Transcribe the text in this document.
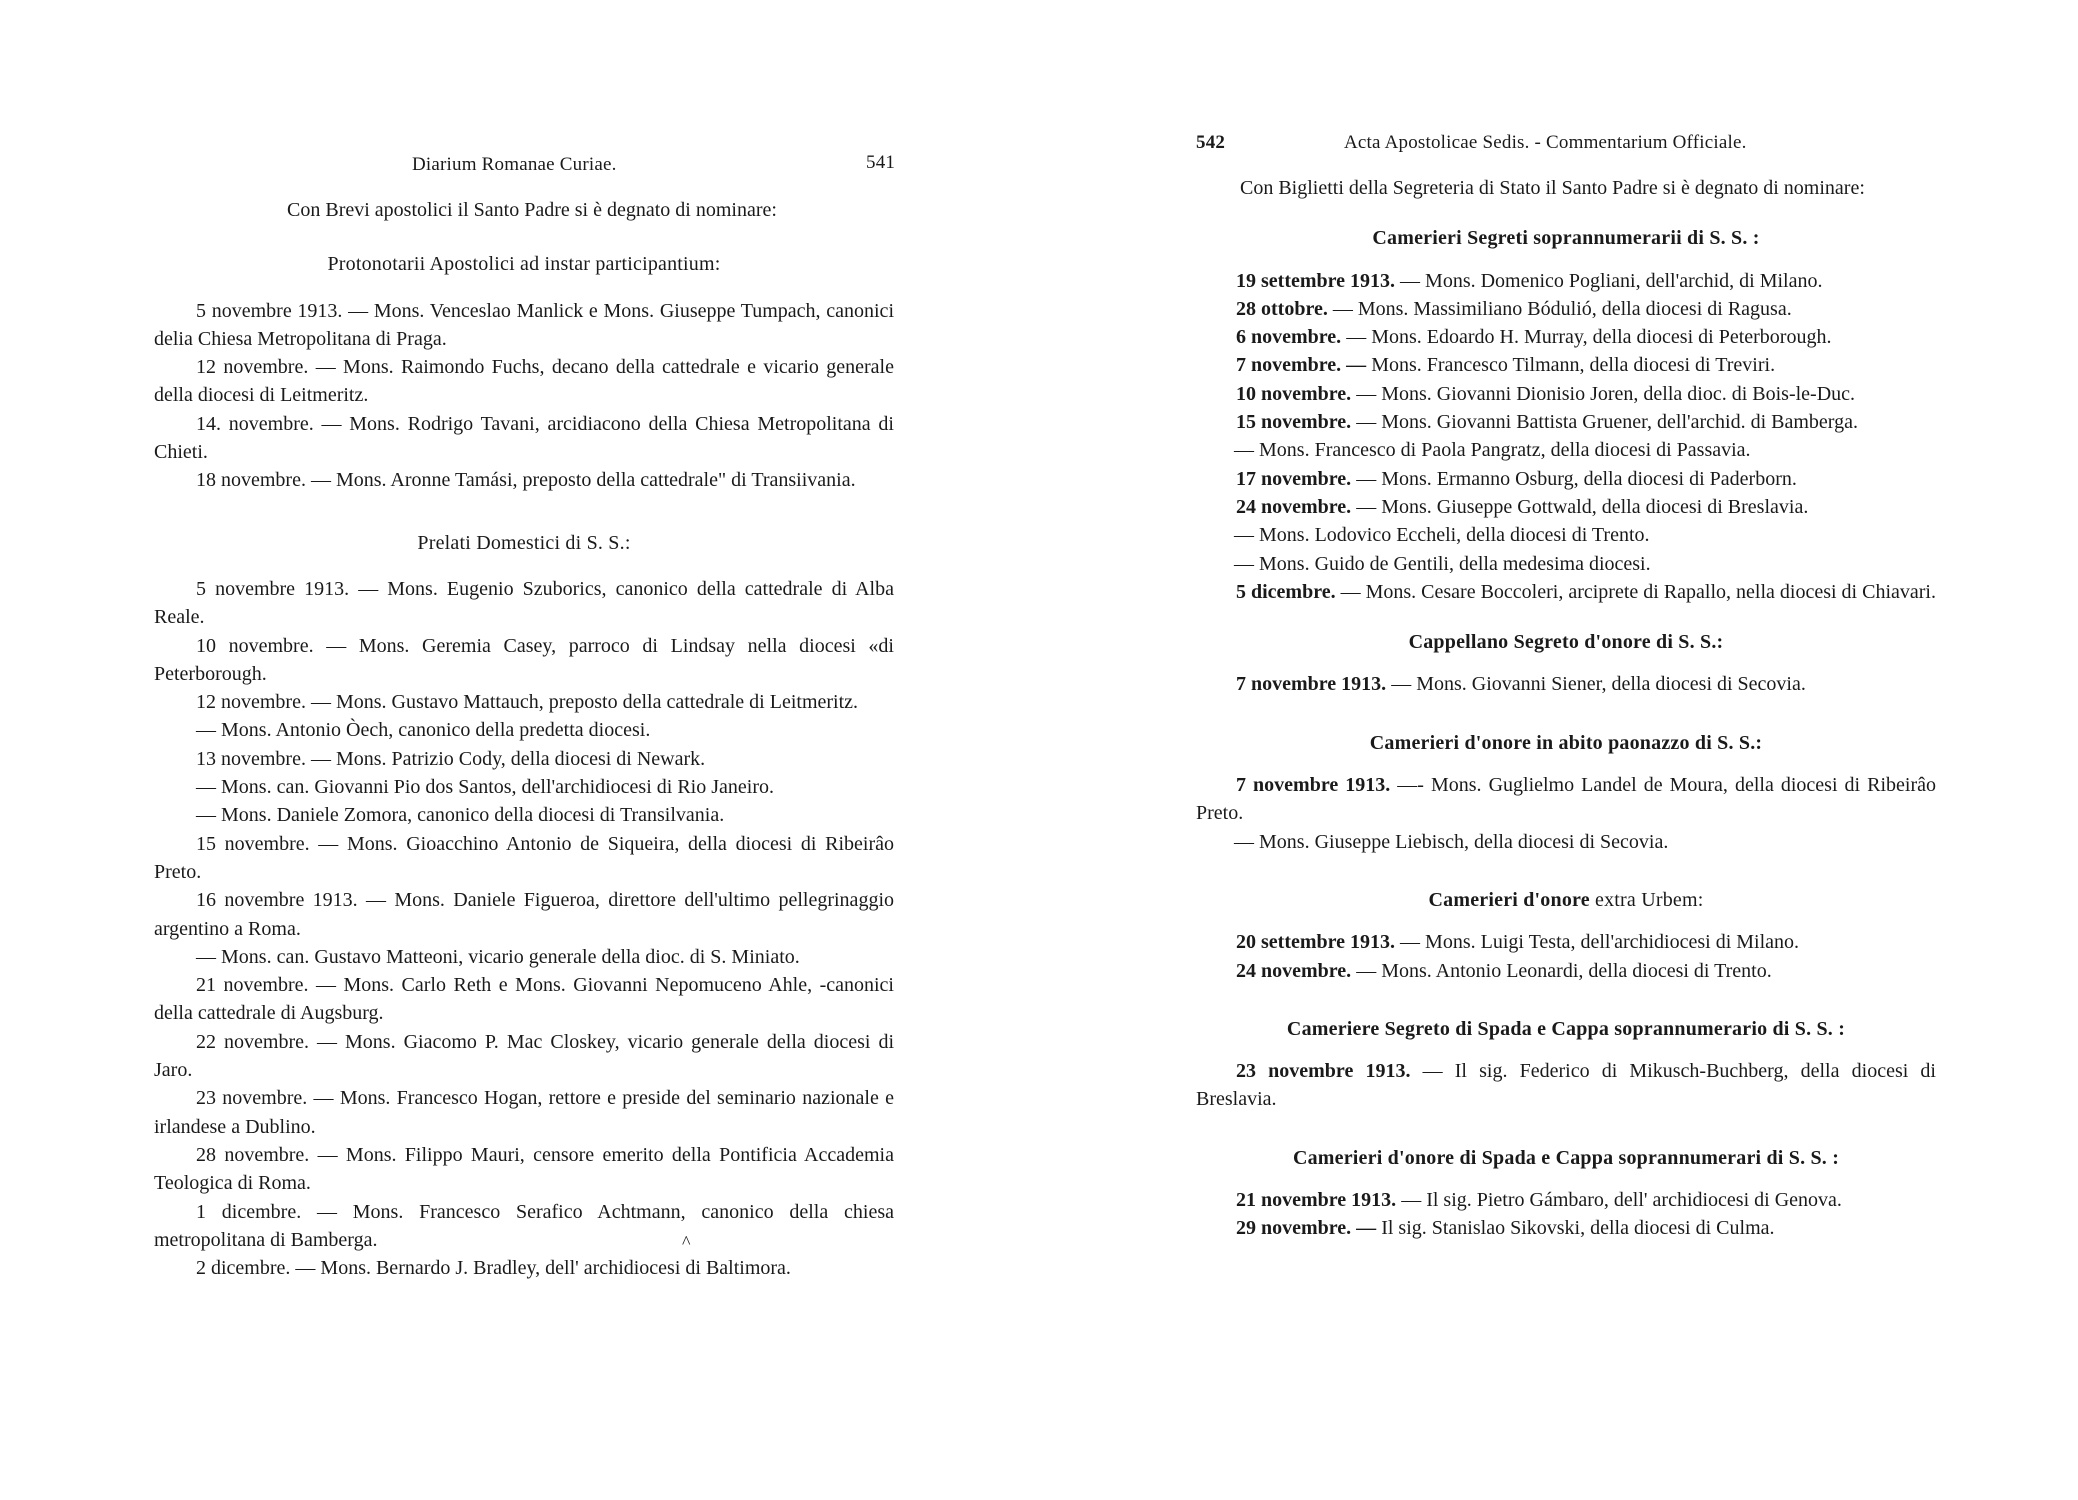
Diarium Romanae Curiae.	541

Con Brevi apostolici il Santo Padre si è degnato di nominare:

Protonotarii Apostolici ad instar participantium:

5 novembre 1913. — Mons. Venceslao Manlick e Mons. Giuseppe Tumpach, canonici delia Chiesa Metropolitana di Praga.

12 novembre. — Mons. Raimondo Fuchs, decano della cattedrale e vicario generale della diocesi di Leitmeritz.

14. novembre. — Mons. Rodrigo Tavani, arcidiacono della Chiesa Metropolitana di Chieti.

18 novembre. — Mons. Aronne Tamási, preposto della cattedrale" di Transiivania.

Prelati Domestici di S. S.:

5 novembre 1913. — Mons. Eugenio Szuborics, canonico della cattedrale di Alba Reale.

10 novembre. — Mons. Geremia Casey, parroco di Lindsay nella diocesi «di Peterborough.

12 novembre. — Mons. Gustavo Mattauch, preposto della cattedrale di Leitmeritz.

— Mons. Antonio Òech, canonico della predetta diocesi.

13 novembre. — Mons. Patrizio Cody, della diocesi di Newark.

— Mons. can. Giovanni Pio dos Santos, dell'archidiocesi di Rio Janeiro.

— Mons. Daniele Zomora, canonico della diocesi di Transilvania.

15 novembre. — Mons. Gioacchino Antonio de Siqueira, della diocesi di Ribeirâo Preto.

16 novembre 1913. — Mons. Daniele Figueroa, direttore dell'ultimo pellegrinaggio argentino a Roma.

— Mons. can. Gustavo Matteoni, vicario generale della dioc. di S. Miniato.

21 novembre. — Mons. Carlo Reth e Mons. Giovanni Nepomuceno Ahle, -canonici della cattedrale di Augsburg.

22 novembre. — Mons. Giacomo P. Mac Closkey, vicario generale della diocesi di Jaro.

23 novembre. — Mons. Francesco Hogan, rettore e preside del seminario nazionale e irlandese a Dublino.

28 novembre. — Mons. Filippo Mauri, censore emerito della Pontificia Accademia Teologica di Roma.

1 dicembre. — Mons. Francesco Serafico Achtmann, canonico della chiesa metropolitana di Bamberga.

2 dicembre. — Mons. Bernardo J. Bradley, dell' archidiocesi di Baltimora.

^
542	Acta Apostolicae Sedis. - Commentarium Officiale.

Con Biglietti della Segreteria di Stato il Santo Padre si è degnato di nominare:

Camerieri Segreti soprannumerarii di S. S. :

19 settembre 1913. — Mons. Domenico Pogliani, dell'archid, di Milano.

28 ottobre. — Mons. Massimiliano Bódulió, della diocesi di Ragusa.

6 novembre. — Mons. Edoardo H. Murray, della diocesi di Peterborough.

7 novembre. — Mons. Francesco Tilmann, della diocesi di Treviri.

10 novembre. — Mons. Giovanni Dionisio Joren, della dioc. di Bois-le-Duc.

15 novembre. — Mons. Giovanni Battista Gruener, dell'archid. di Bamberga.

— Mons. Francesco di Paola Pangratz, della diocesi di Passavia.

17 novembre. — Mons. Ermanno Osburg, della diocesi di Paderborn.

24 novembre. — Mons. Giuseppe Gottwald, della diocesi di Breslavia.

— Mons. Lodovico Eccheli, della diocesi di Trento.

— Mons. Guido de Gentili, della medesima diocesi.

5 dicembre. — Mons. Cesare Boccoleri, arciprete di Rapallo, nella diocesi di Chiavari.

Cappellano Segreto d'onore di S. S.:

7 novembre 1913. — Mons. Giovanni Siener, della diocesi di Secovia.

Camerieri d'onore in abito paonazzo di S. S.:

7 novembre 1913. —- Mons. Guglielmo Landel de Moura, della diocesi di Ribeirâo Preto.

— Mons. Giuseppe Liebisch, della diocesi di Secovia.

Camerieri d'onore extra Urbem:

20 settembre 1913. — Mons. Luigi Testa, dell'archidiocesi di Milano.

24 novembre. — Mons. Antonio Leonardi, della diocesi di Trento.

Cameriere Segreto di Spada e Cappa soprannumerario di S. S. :

23 novembre 1913. — Il sig. Federico di Mikusch-Buchberg, della diocesi di Breslavia.

Camerieri d'onore di Spada e Cappa soprannumerari di S. S. :

21 novembre 1913. — Il sig. Pietro Gámbaro, dell' archidiocesi di Genova.

29 novembre. — Il sig. Stanislao Sikovski, della diocesi di Culma.
